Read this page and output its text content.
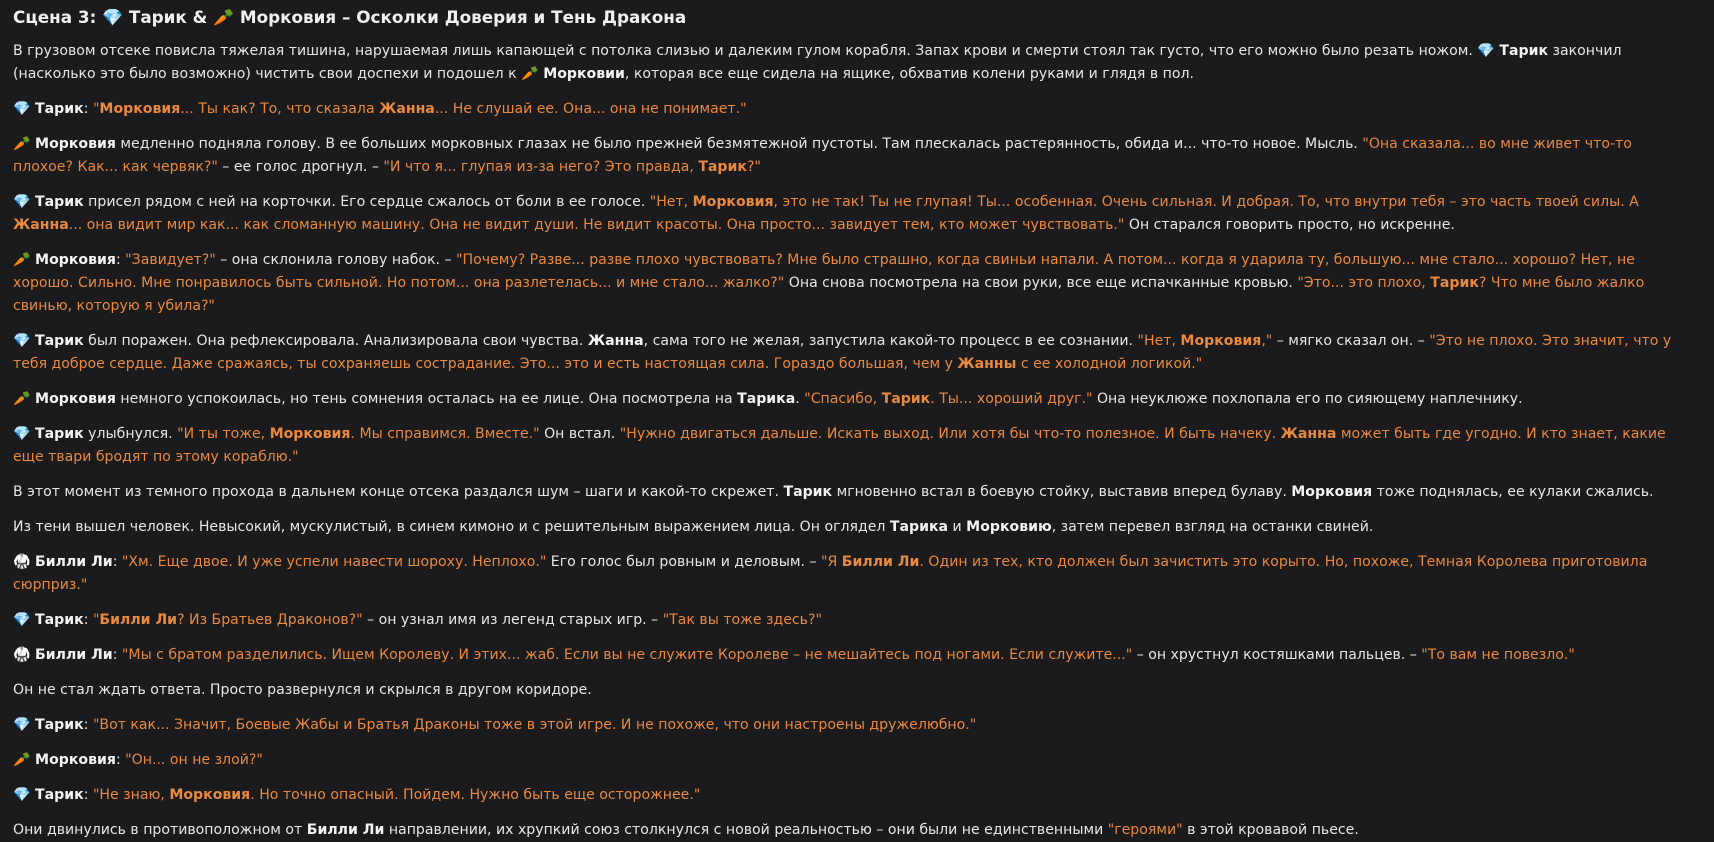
Сцена 3: 💎 Тарик & 🥕 Морковия – Осколки Доверия и Тень Дракона

В грузовом отсеке повисла тяжелая тишина, нарушаемая лишь капающей с потолка слизью и далеким гулом корабля. Запах крови и смерти стоял так густо, что его можно было резать ножом. 💎 Тарик закончил (насколько это было возможно) чистить свои доспехи и подошел к 🥕 Морковии, которая все еще сидела на ящике, обхватив колени руками и глядя в пол.

💎 Тарик: "Морковия... Ты как? То, что сказала Жанна... Не слушай ее. Она... она не понимает."

🥕 Морковия медленно подняла голову. В ее больших морковных глазах не было прежней безмятежной пустоты. Там плескалась растерянность, обида и... что-то новое. Мысль. "Она сказала... во мне живет что-то плохое? Как... как червяк?" – ее голос дрогнул. – "И что я... глупая из-за него? Это правда, Тарик?"

💎 Тарик присел рядом с ней на корточки. Его сердце сжалось от боли в ее голосе. "Нет, Морковия, это не так! Ты не глупая! Ты... особенная. Очень сильная. И добрая. То, что внутри тебя – это часть твоей силы. А Жанна... она видит мир как... как сломанную машину. Она не видит души. Не видит красоты. Она просто... завидует тем, кто может чувствовать." Он старался говорить просто, но искренне.

🥕 Морковия: "Завидует?" – она склонила голову набок. – "Почему? Разве... разве плохо чувствовать? Мне было страшно, когда свиньи напали. А потом... когда я ударила ту, большую... мне стало... хорошо? Нет, не хорошо. Сильно. Мне понравилось быть сильной. Но потом... она разлетелась... и мне стало... жалко?" Она снова посмотрела на свои руки, все еще испачканные кровью. "Это... это плохо, Тарик? Что мне было жалко свинью, которую я убила?"

💎 Тарик был поражен. Она рефлексировала. Анализировала свои чувства. Жанна, сама того не желая, запустила какой-то процесс в ее сознании. "Нет, Морковия," – мягко сказал он. – "Это не плохо. Это значит, что у тебя доброе сердце. Даже сражаясь, ты сохраняешь сострадание. Это... это и есть настоящая сила. Гораздо большая, чем у Жанны с ее холодной логикой."

🥕 Морковия немного успокоилась, но тень сомнения осталась на ее лице. Она посмотрела на Тарика. "Спасибо, Тарик. Ты... хороший друг." Она неуклюже похлопала его по сияющему наплечнику.

💎 Тарик улыбнулся. "И ты тоже, Морковия. Мы справимся. Вместе." Он встал. "Нужно двигаться дальше. Искать выход. Или хотя бы что-то полезное. И быть начеку. Жанна может быть где угодно. И кто знает, какие еще твари бродят по этому кораблю."

В этот момент из темного прохода в дальнем конце отсека раздался шум – шаги и какой-то скрежет. Тарик мгновенно встал в боевую стойку, выставив вперед булаву. Морковия тоже поднялась, ее кулаки сжались.

Из тени вышел человек. Невысокий, мускулистый, в синем кимоно и с решительным выражением лица. Он оглядел Тарика и Морковию, затем перевел взгляд на останки свиней.

🥋 Билли Ли: "Хм. Еще двое. И уже успели навести шороху. Неплохо." Его голос был ровным и деловым. – "Я Билли Ли. Один из тех, кто должен был зачистить это корыто. Но, похоже, Темная Королева приготовила сюрприз."

💎 Тарик: "Билли Ли? Из Братьев Драконов?" – он узнал имя из легенд старых игр. – "Так вы тоже здесь?"

🥋 Билли Ли: "Мы с братом разделились. Ищем Королеву. И этих... жаб. Если вы не служите Королеве – не мешайтесь под ногами. Если служите..." – он хрустнул костяшками пальцев. – "То вам не повезло."

Он не стал ждать ответа. Просто развернулся и скрылся в другом коридоре.

💎 Тарик: "Вот как... Значит, Боевые Жабы и Братья Драконы тоже в этой игре. И не похоже, что они настроены дружелюбно."

🥕 Морковия: "Он... он не злой?"

💎 Тарик: "Не знаю, Морковия. Но точно опасный. Пойдем. Нужно быть еще осторожнее."

Они двинулись в противоположном от Билли Ли направлении, их хрупкий союз столкнулся с новой реальностью – они были не единственными "героями" в этой кровавой пьесе.
